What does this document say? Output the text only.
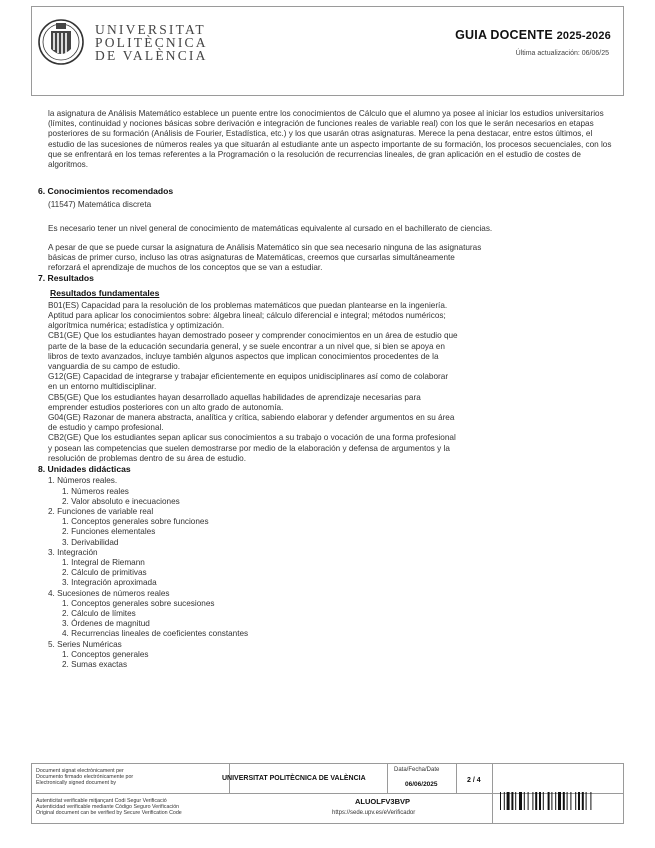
UNIVERSITAT
POLITÈCNICA
DE VALÈNCIA
GUIA DOCENTE 2025-2026
Última actualización: 06/06/25

la asignatura de Análisis Matemático establece un puente entre los conocimientos de Cálculo que el alumno ya posee al iniciar los estudios universitarios (límites, continuidad y nociones básicas sobre derivación e integración de funciones reales de variable real) con los que le serán necesarios en etapas posteriores de su formación (Análisis de Fourier, Estadística, etc.) y los que usarán otras asignaturas. Merece la pena destacar, entre estos últimos, el estudio de las sucesiones de números reales ya que situarán al estudiante ante un aspecto importante de su formación, los procesos secuenciales, con los que se enfrentará en los temas referentes a la Programación o la resolución de recurrencias lineales, de gran aplicación en el estudio de costes de algoritmos.

6. Conocimientos recomendados

(11547) Matemática discreta

Es necesario tener un nivel general de conocimiento de matemáticas equivalente al cursado en el bachillerato de ciencias.

A pesar de que se puede cursar la asignatura de Análisis Matemático sin que sea necesario ninguna de las asignaturas básicas de primer curso, incluso las otras asignaturas de Matemáticas, creemos que cursarlas simultáneamente reforzará el aprendizaje de muchos de los conceptos que se van a estudiar.

7. Resultados

Resultados fundamentales

B01(ES) Capacidad para la resolución de los problemas matemáticos que puedan plantearse en la ingeniería. Aptitud para aplicar los conocimientos sobre: álgebra lineal; cálculo diferencial e integral; métodos numéricos; algorítmica numérica; estadística y optimización.

CB1(GE) Que los estudiantes hayan demostrado poseer y comprender conocimientos en un área de estudio que parte de la base de la educación secundaria general, y se suele encontrar a un nivel que, si bien se apoya en libros de texto avanzados, incluye también algunos aspectos que implican conocimientos procedentes de la vanguardia de su campo de estudio.

G12(GE) Capacidad de integrarse y trabajar eficientemente en equipos unidisciplinares así como de colaborar en un entorno multidisciplinar.

CB5(GE) Que los estudiantes hayan desarrollado aquellas habilidades de aprendizaje necesarias para emprender estudios posteriores con un alto grado de autonomía.

G04(GE) Razonar de manera abstracta, analítica y crítica, sabiendo elaborar y defender argumentos en su área de estudio y campo profesional.

CB2(GE) Que los estudiantes sepan aplicar sus conocimientos a su trabajo o vocación de una forma profesional y posean las competencias que suelen demostrarse por medio de la elaboración y defensa de argumentos y la resolución de problemas dentro de su área de estudio.

8. Unidades didácticas

1. Números reales.
1. Números reales
2. Valor absoluto e inecuaciones
2. Funciones de variable real
1. Conceptos generales sobre funciones
2. Funciones elementales
3. Derivabilidad
3. Integración
1. Integral de Riemann
2. Cálculo de primitivas
3. Integración aproximada
4. Sucesiones de números reales
1. Conceptos generales sobre sucesiones
2. Cálculo de límites
3. Órdenes de magnitud
4. Recurrencias lineales de coeficientes constantes
5. Series Numéricas
1. Conceptos generales
2. Sumas exactas
Document signat electrònicament per
Documento firmado electrónicamente por
Electronically signed document by
UNIVERSITAT POLITÈCNICA DE VALÈNCIA
Data/Fecha/Date
06/06/2025
2 / 4
Autenticitat verificable mitjançant Codi Segur Verificació
Autenticidad verificable mediante Código Seguro Verificación
Original document can be verified by Secure Verification Code
ALUOLFV3BVP
https://sede.upv.es/eVerificador
